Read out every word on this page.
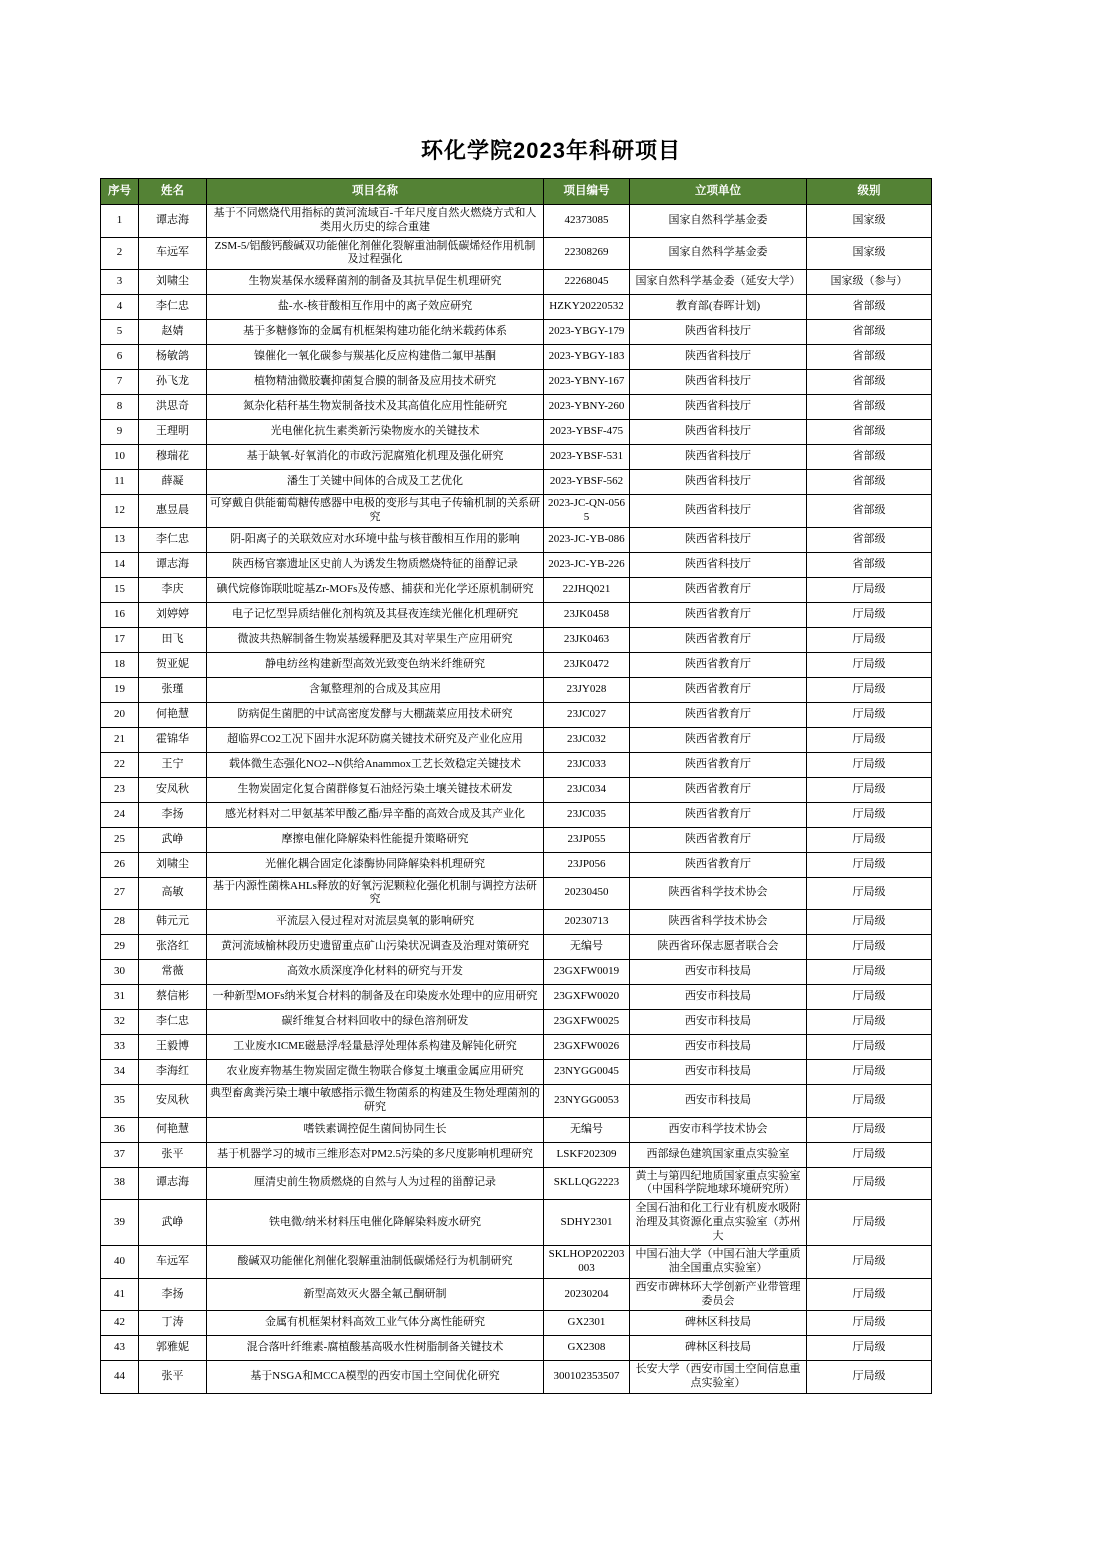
环化学院2023年科研项目
序号	姓名	项目名称	项目编号	立项单位	级别
1	谭志海	基于不同燃烧代用指标的黄河流域百-千年尺度自然火燃烧方式和人类用火历史的综合重建	42373085	国家自然科学基金委	国家级
2	车远军	ZSM-5/铝酸钙酸碱双功能催化剂催化裂解重油制低碳烯烃作用机制及过程强化	22308269	国家自然科学基金委	国家级
3	刘啸尘	生物炭基保水缓释菌剂的制备及其抗旱促生机理研究	22268045	国家自然科学基金委（延安大学）	国家级（参与）
4	李仁忠	盐-水-核苷酸相互作用中的离子效应研究	HZKY20220532	教育部(春晖计划)	省部级
5	赵婧	基于多糖修饰的金属有机框架构建功能化纳米载药体系	2023-YBGY-179	陕西省科技厅	省部级
6	杨敏鸽	镍催化一氧化碳参与羰基化反应构建偕二氟甲基酮	2023-YBGY-183	陕西省科技厅	省部级
7	孙飞龙	植物精油微胶囊抑菌复合膜的制备及应用技术研究	2023-YBNY-167	陕西省科技厅	省部级
8	洪思奇	氮杂化秸秆基生物炭制备技术及其高值化应用性能研究	2023-YBNY-260	陕西省科技厅	省部级
9	王理明	光电催化抗生素类新污染物废水的关键技术	2023-YBSF-475	陕西省科技厅	省部级
10	穆瑞花	基于缺氧-好氧消化的市政污泥腐殖化机理及强化研究	2023-YBSF-531	陕西省科技厅	省部级
11	薛凝	潘生丁关键中间体的合成及工艺优化	2023-YBSF-562	陕西省科技厅	省部级
12	惠昱晨	可穿戴自供能葡萄糖传感器中电极的变形与其电子传输机制的关系研究	2023-JC-QN-0565	陕西省科技厅	省部级
13	李仁忠	阴-阳离子的关联效应对水环境中盐与核苷酸相互作用的影响	2023-JC-YB-086	陕西省科技厅	省部级
14	谭志海	陕西杨官寨遗址区史前人为诱发生物质燃烧特征的甾醇记录	2023-JC-YB-226	陕西省科技厅	省部级
15	李庆	碘代烷修饰联吡啶基Zr-MOFs及传感、捕获和光化学还原机制研究	22JHQ021	陕西省教育厅	厅局级
16	刘婷婷	电子记忆型异质结催化剂构筑及其昼夜连续光催化机理研究	23JK0458	陕西省教育厅	厅局级
17	田飞	微波共热解制备生物炭基缓释肥及其对苹果生产应用研究	23JK0463	陕西省教育厅	厅局级
18	贺亚妮	静电纺丝构建新型高效光致变色纳米纤维研究	23JK0472	陕西省教育厅	厅局级
19	张瑾	含氟整理剂的合成及其应用	23JY028	陕西省教育厅	厅局级
20	何艳慧	防病促生菌肥的中试高密度发酵与大棚蔬菜应用技术研究	23JC027	陕西省教育厅	厅局级
21	霍锦华	超临界CO2工况下固井水泥环防腐关键技术研究及产业化应用	23JC032	陕西省教育厅	厅局级
22	王宁	载体微生态强化NO2--N供给Anammox工艺长效稳定关键技术	23JC033	陕西省教育厅	厅局级
23	安凤秋	生物炭固定化复合菌群修复石油烃污染土壤关键技术研发	23JC034	陕西省教育厅	厅局级
24	李扬	感光材料对二甲氨基苯甲酸乙酯/异辛酯的高效合成及其产业化	23JC035	陕西省教育厅	厅局级
25	武峥	摩擦电催化降解染料性能提升策略研究	23JP055	陕西省教育厅	厅局级
26	刘啸尘	光催化耦合固定化漆酶协同降解染料机理研究	23JP056	陕西省教育厅	厅局级
27	高敏	基于内源性菌株AHLs释放的好氧污泥颗粒化强化机制与调控方法研究	20230450	陕西省科学技术协会	厅局级
28	韩元元	平流层入侵过程对对流层臭氧的影响研究	20230713	陕西省科学技术协会	厅局级
29	张洛红	黄河流域榆林段历史遗留重点矿山污染状况调查及治理对策研究	无编号	陕西省环保志愿者联合会	厅局级
30	常薇	高效水质深度净化材料的研究与开发	23GXFW0019	西安市科技局	厅局级
31	蔡信彬	一种新型MOFs纳米复合材料的制备及在印染废水处理中的应用研究	23GXFW0020	西安市科技局	厅局级
32	李仁忠	碳纤维复合材料回收中的绿色溶剂研发	23GXFW0025	西安市科技局	厅局级
33	王毅博	工业废水ICME磁悬浮/轻量悬浮处理体系构建及解钝化研究	23GXFW0026	西安市科技局	厅局级
34	李海红	农业废弃物基生物炭固定微生物联合修复土壤重金属应用研究	23NYGG0045	西安市科技局	厅局级
35	安凤秋	典型畜禽粪污染土壤中敏感指示微生物菌系的构建及生物处理菌剂的研究	23NYGG0053	西安市科技局	厅局级
36	何艳慧	嗜铁素调控促生菌间协同生长	无编号	西安市科学技术协会	厅局级
37	张平	基于机器学习的城市三维形态对PM2.5污染的多尺度影响机理研究	LSKF202309	西部绿色建筑国家重点实验室	厅局级
38	谭志海	厘清史前生物质燃烧的自然与人为过程的甾醇记录	SKLLQG2223	黄土与第四纪地质国家重点实验室（中国科学院地球环境研究所）	厅局级
39	武峥	铁电微/纳米材料压电催化降解染料废水研究	SDHY2301	全国石油和化工行业有机废水吸附治理及其资源化重点实验室（苏州大	厅局级
40	车远军	酸碱双功能催化剂催化裂解重油制低碳烯烃行为机制研究	SKLHOP202203003	中国石油大学（中国石油大学重质油全国重点实验室）	厅局级
41	李扬	新型高效灭火器全氟己酮研制	20230204	西安市碑林环大学创新产业带管理委员会	厅局级
42	丁涛	金属有机框架材料高效工业气体分离性能研究	GX2301	碑林区科技局	厅局级
43	郭雅妮	混合落叶纤维素-腐植酸基高吸水性树脂制备关键技术	GX2308	碑林区科技局	厅局级
44	张平	基于NSGA和MCCA模型的西安市国土空间优化研究	300102353507	长安大学（西安市国土空间信息重点实验室）	厅局级
